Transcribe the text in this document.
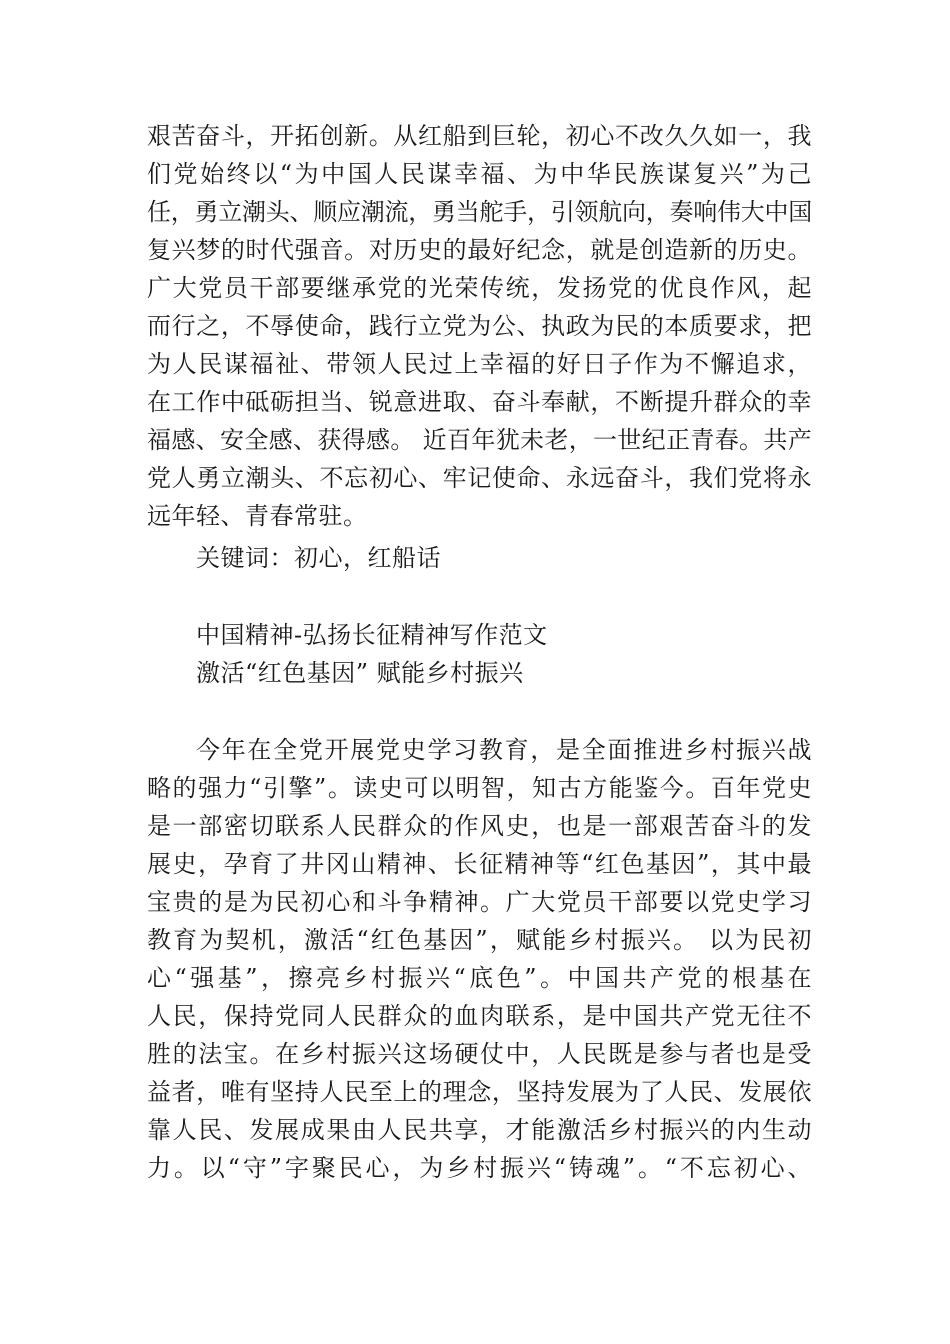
艰苦奋斗，开拓创新。从红船到巨轮，初心不改久久如一，我
们党始终以“为中国人民谋幸福、为中华民族谋复兴”为己
任，勇立潮头、顺应潮流，勇当舵手，引领航向，奏响伟大中国
复兴梦的时代强音。对历史的最好纪念，就是创造新的历史。
广大党员干部要继承党的光荣传统，发扬党的优良作风，起
而行之，不辱使命，践行立党为公、执政为民的本质要求，把
为人民谋福祉、带领人民过上幸福的好日子作为不懈追求，
在工作中砥砺担当、锐意进取、奋斗奉献，不断提升群众的幸
福感、安全感、获得感。 近百年犹未老，一世纪正青春。共产
党人勇立潮头、不忘初心、牢记使命、永远奋斗，我们党将永
远年轻、青春常驻。

关键词：初心，红船话

中国精神-弘扬长征精神写作范文

激活“红色基因” 赋能乡村振兴

今年在全党开展党史学习教育，是全面推进乡村振兴战
略的强力“引擎”。读史可以明智，知古方能鉴今。百年党史
是一部密切联系人民群众的作风史，也是一部艰苦奋斗的发
展史，孕育了井冈山精神、长征精神等“红色基因”，其中最
宝贵的是为民初心和斗争精神。广大党员干部要以党史学习
教育为契机，激活“红色基因”，赋能乡村振兴。 以为民初
心“强基”，擦亮乡村振兴“底色”。中国共产党的根基在
人民，保持党同人民群众的血肉联系，是中国共产党无往不
胜的法宝。在乡村振兴这场硬仗中，人民既是参与者也是受
益者，唯有坚持人民至上的理念，坚持发展为了人民、发展依
靠人民、发展成果由人民共享，才能激活乡村振兴的内生动
力。以“守”字聚民心，为乡村振兴“铸魂”。“不忘初心、
